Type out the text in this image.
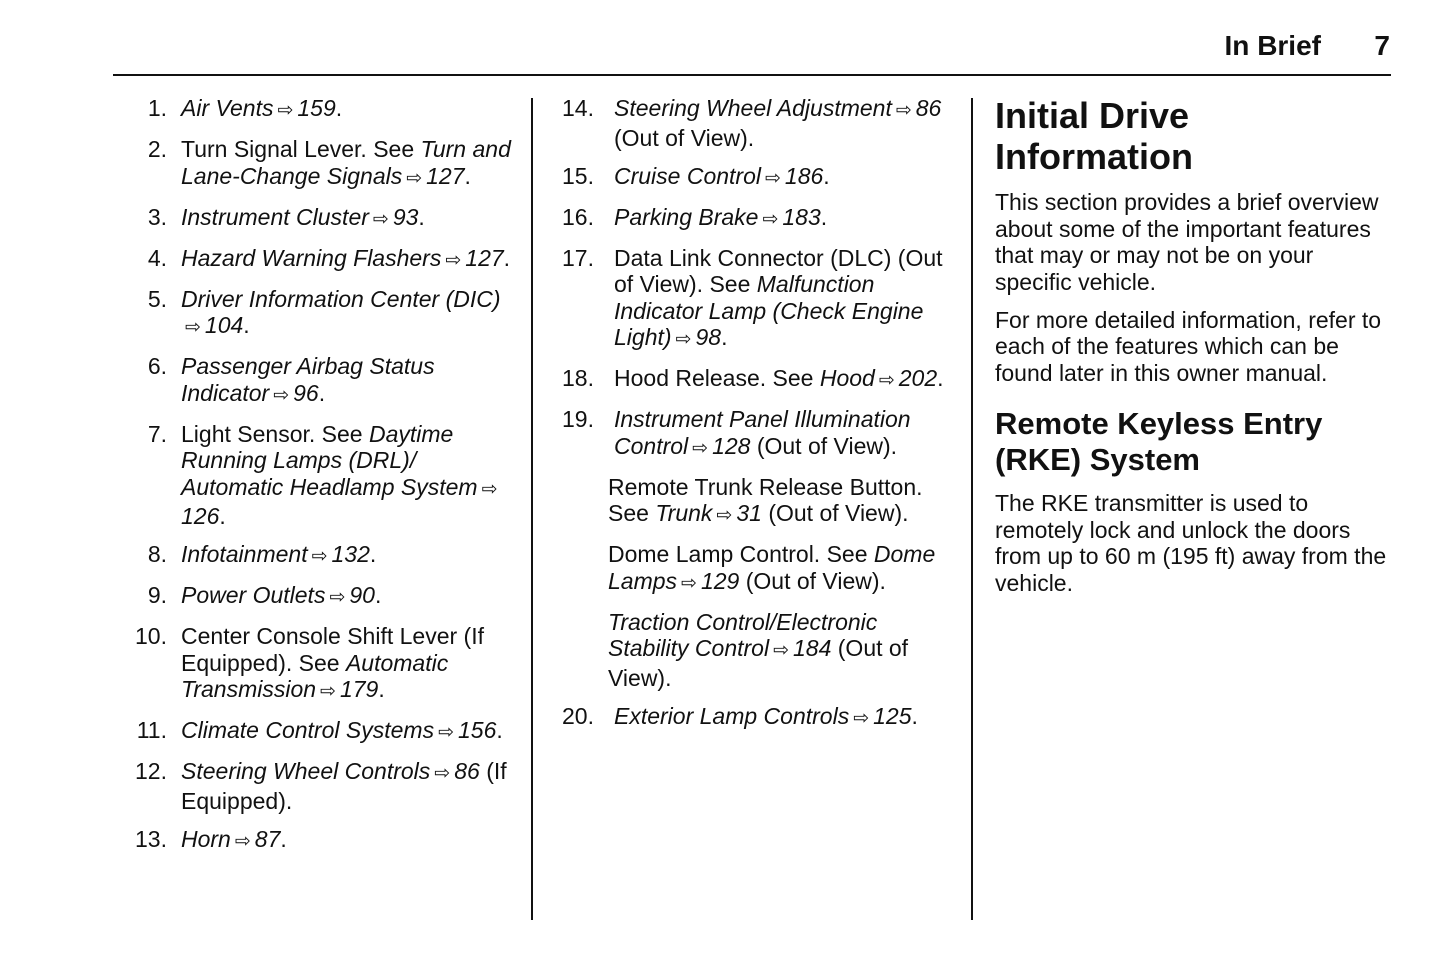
In Brief 7
1. Air Vents ⇨ 159.
2. Turn Signal Lever. See Turn and Lane-Change Signals ⇨ 127.
3. Instrument Cluster ⇨ 93.
4. Hazard Warning Flashers ⇨ 127.
5. Driver Information Center (DIC)⇨ 104.
6. Passenger Airbag Status Indicator ⇨ 96.
7. Light Sensor. See Daytime Running Lamps (DRL)/ Automatic Headlamp System ⇨126.
8. Infotainment ⇨ 132.
9. Power Outlets ⇨ 90.
10. Center Console Shift Lever (If Equipped). See Automatic Transmission ⇨ 179.
11. Climate Control Systems ⇨ 156.
12. Steering Wheel Controls ⇨ 86 (If Equipped).
13. Horn ⇨ 87.
14. Steering Wheel Adjustment ⇨ 86 (Out of View).
15. Cruise Control ⇨ 186.
16. Parking Brake ⇨ 183.
17. Data Link Connector (DLC) (Out of View). See Malfunction Indicator Lamp (Check Engine Light) ⇨ 98.
18. Hood Release. See Hood ⇨ 202.
19. Instrument Panel Illumination Control ⇨ 128 (Out of View).
Remote Trunk Release Button. See Trunk ⇨ 31 (Out of View).
Dome Lamp Control. See Dome Lamps ⇨ 129 (Out of View).
Traction Control/Electronic Stability Control ⇨ 184 (Out of View).
20. Exterior Lamp Controls ⇨ 125.
Initial Drive Information

This section provides a brief overview about some of the important features that may or may not be on your specific vehicle.

For more detailed information, refer to each of the features which can be found later in this owner manual.

Remote Keyless Entry (RKE) System

The RKE transmitter is used to remotely lock and unlock the doors from up to 60 m (195 ft) away from the vehicle.
